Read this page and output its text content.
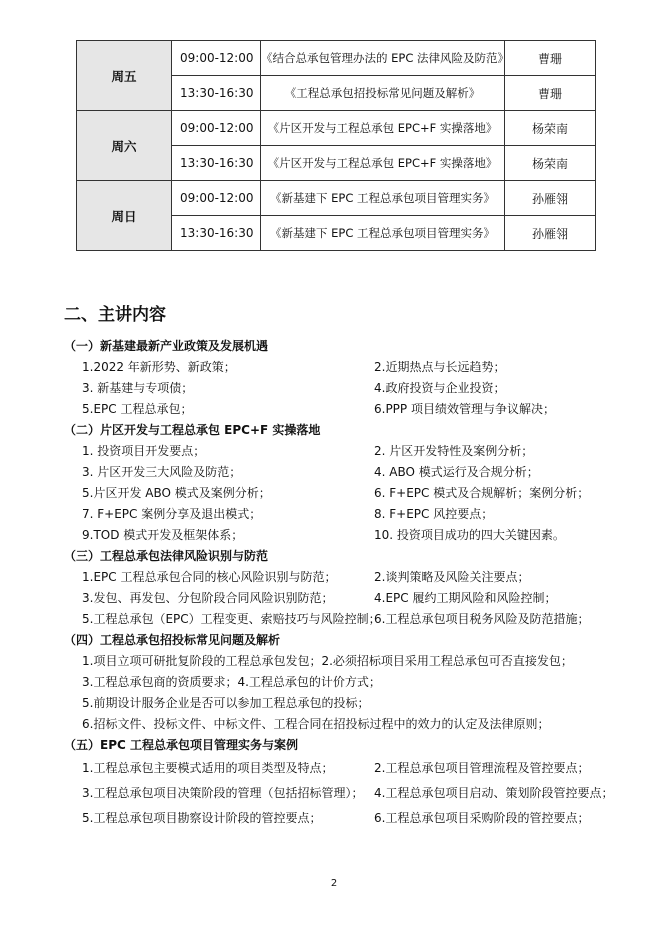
周五	09:00-12:00	《结合总承包管理办法的 EPC 法律风险及防范》	曹珊
	13:30-16:30	《工程总承包招投标常见问题及解析》	曹珊
周六	09:00-12:00	《片区开发与工程总承包 EPC+F 实操落地》	杨荣南
	13:30-16:30	《片区开发与工程总承包 EPC+F 实操落地》	杨荣南
周日	09:00-12:00	《新基建下 EPC 工程总承包项目管理实务》	孙雁翎
	13:30-16:30	《新基建下 EPC 工程总承包项目管理实务》	孙雁翎
二、主讲内容
（一）新基建最新产业政策及发展机遇
1.2022 年新形势、新政策；	2.近期热点与长远趋势；
3. 新基建与专项债；	4.政府投资与企业投资；
5.EPC 工程总承包；	6.PPP 项目绩效管理与争议解决；
（二）片区开发与工程总承包 EPC+F 实操落地
1. 投资项目开发要点；	2. 片区开发特性及案例分析；
3. 片区开发三大风险及防范；	4. ABO 模式运行及合规分析；
5.片区开发 ABO 模式及案例分析；	6. F+EPC 模式及合规解析；案例分析；
7. F+EPC 案例分享及退出模式；	8. F+EPC 风控要点；
9.TOD 模式开发及框架体系；	10. 投资项目成功的四大关键因素。
（三）工程总承包法律风险识别与防范
1.EPC 工程总承包合同的核心风险识别与防范；	2.谈判策略及风险关注要点；
3.发包、再发包、分包阶段合同风险识别防范；	4.EPC 履约工期风险和风险控制；
5.工程总承包（EPC）工程变更、索赔技巧与风险控制；
6.工程总承包项目税务风险及防范措施；
（四）工程总承包招投标常见问题及解析
1.项目立项可研批复阶段的工程总承包发包；2.必须招标项目采用工程总承包可否直接发包；
3.工程总承包商的资质要求；4.工程总承包的计价方式；
5.前期设计服务企业是否可以参加工程总承包的投标；
6.招标文件、投标文件、中标文件、工程合同在招投标过程中的效力的认定及法律原则；
（五）EPC 工程总承包项目管理实务与案例
1.工程总承包主要模式适用的项目类型及特点；	2.工程总承包项目管理流程及管控要点；
3.工程总承包项目决策阶段的管理（包括招标管理）； 4.工程总承包项目启动、策划阶段管控要点；
5.工程总承包项目勘察设计阶段的管控要点；	6.工程总承包项目采购阶段的管控要点；
2
